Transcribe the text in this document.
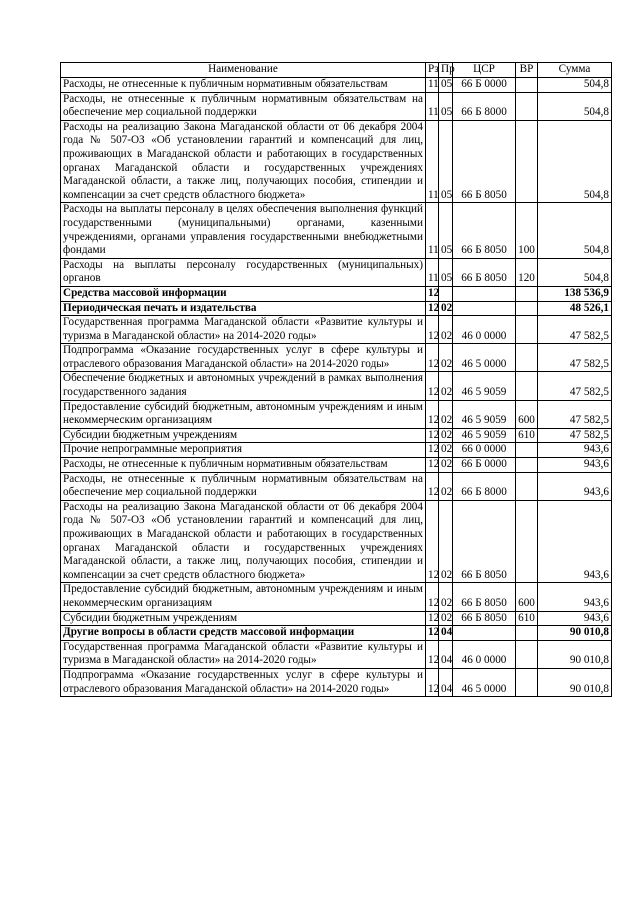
Наименование	Рз	Пр	ЦСР	ВР	Сумма
Расходы, не отнесенные к публичным нормативным обязательствам	11	05	66 Б 0000		504,8
Расходы, не отнесенные к публичным нормативным обязательствам на обеспечение мер социальной поддержки	11	05	66 Б 8000		504,8
Расходы на реализацию Закона Магаданской области от 06 декабря 2004 года № 507-ОЗ «Об установлении гарантий и компенсаций для лиц, проживающих в Магаданской области и работающих в государственных органах Магаданской области и государственных учреждениях Магаданской области, а также лиц, получающих пособия, стипендии и компенсации за счет средств областного бюджета»	11	05	66 Б 8050		504,8
Расходы на выплаты персоналу в целях обеспечения выполнения функций государственными (муниципальными) органами, казенными учреждениями, органами управления государственными внебюджетными фондами	11	05	66 Б 8050	100	504,8
Расходы на выплаты персоналу государственных (муниципальных) органов	11	05	66 Б 8050	120	504,8
Средства массовой информации	12				138 536,9
Периодическая печать и издательства	12	02			48 526,1
Государственная программа Магаданской области «Развитие культуры и туризма в Магаданской области» на 2014-2020 годы»	12	02	46 0 0000		47 582,5
Подпрограмма «Оказание государственных услуг в сфере культуры и отраслевого образования Магаданской области» на 2014-2020 годы»	12	02	46 5 0000		47 582,5
Обеспечение бюджетных и автономных учреждений в рамках выполнения государственного задания	12	02	46 5 9059		47 582,5
Предоставление субсидий бюджетным, автономным учреждениям и иным некоммерческим организациям	12	02	46 5 9059	600	47 582,5
Субсидии бюджетным учреждениям	12	02	46 5 9059	610	47 582,5
Прочие непрограммные мероприятия	12	02	66 0 0000		943,6
Расходы, не отнесенные к публичным нормативным обязательствам	12	02	66 Б 0000		943,6
Расходы, не отнесенные к публичным нормативным обязательствам на обеспечение мер социальной поддержки	12	02	66 Б 8000		943,6
Расходы на реализацию Закона Магаданской области от 06 декабря 2004 года № 507-ОЗ «Об установлении гарантий и компенсаций для лиц, проживающих в Магаданской области и работающих в государственных органах Магаданской области и государственных учреждениях Магаданской области, а также лиц, получающих пособия, стипендии и компенсации за счет средств областного бюджета»	12	02	66 Б 8050		943,6
Предоставление субсидий бюджетным, автономным учреждениям и иным некоммерческим организациям	12	02	66 Б 8050	600	943,6
Субсидии бюджетным учреждениям	12	02	66 Б 8050	610	943,6
Другие вопросы в области средств массовой информации	12	04			90 010,8
Государственная программа Магаданской области «Развитие культуры и туризма в Магаданской области» на 2014-2020 годы»	12	04	46 0 0000		90 010,8
Подпрограмма «Оказание государственных услуг в сфере культуры и отраслевого образования Магаданской области» на 2014-2020 годы»	12	04	46 5 0000		90 010,8
